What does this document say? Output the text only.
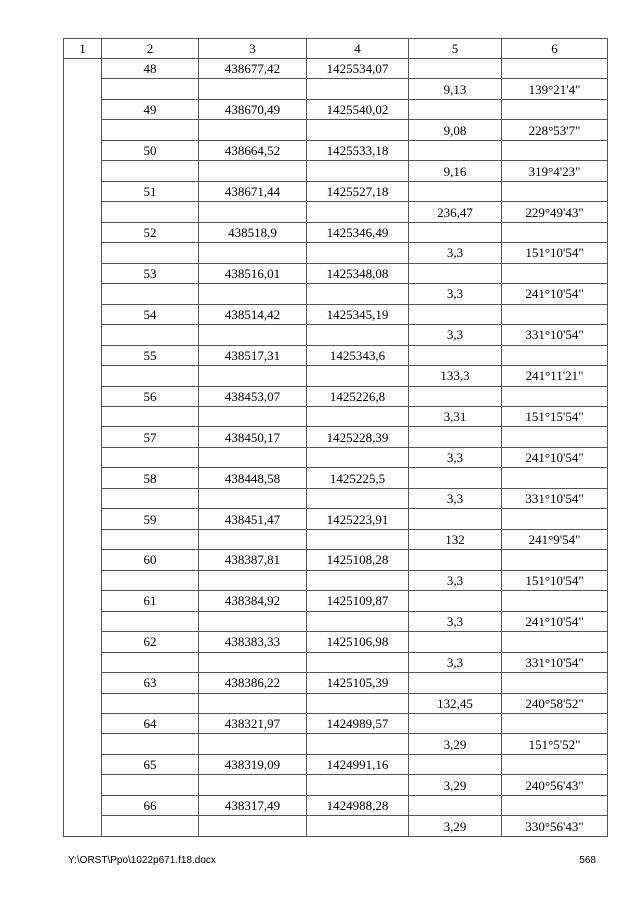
1	2	3	4	5	6
	48	438677,42	1425534,07		
				9,13	139°21'4"
	49	438670,49	1425540,02		
				9,08	228°53'7"
	50	438664,52	1425533,18		
				9,16	319°4'23"
	51	438671,44	1425527,18		
				236,47	229°49'43"
	52	438518,9	1425346,49		
				3,3	151°10'54"
	53	438516,01	1425348,08		
				3,3	241°10'54"
	54	438514,42	1425345,19		
				3,3	331°10'54"
	55	438517,31	1425343,6		
				133,3	241°11'21"
	56	438453,07	1425226,8		
				3,31	151°15'54"
	57	438450,17	1425228,39		
				3,3	241°10'54"
	58	438448,58	1425225,5		
				3,3	331°10'54"
	59	438451,47	1425223,91		
				132	241°9'54"
	60	438387,81	1425108,28		
				3,3	151°10'54"
	61	438384,92	1425109,87		
				3,3	241°10'54"
	62	438383,33	1425106,98		
				3,3	331°10'54"
	63	438386,22	1425105,39		
				132,45	240°58'52"
	64	438321,97	1424989,57		
				3,29	151°5'52"
	65	438319,09	1424991,16		
				3,29	240°56'43"
	66	438317,49	1424988,28		
				3,29	330°56'43"
Y:\ORST\Ppo\1022p671.f18.docx	568
